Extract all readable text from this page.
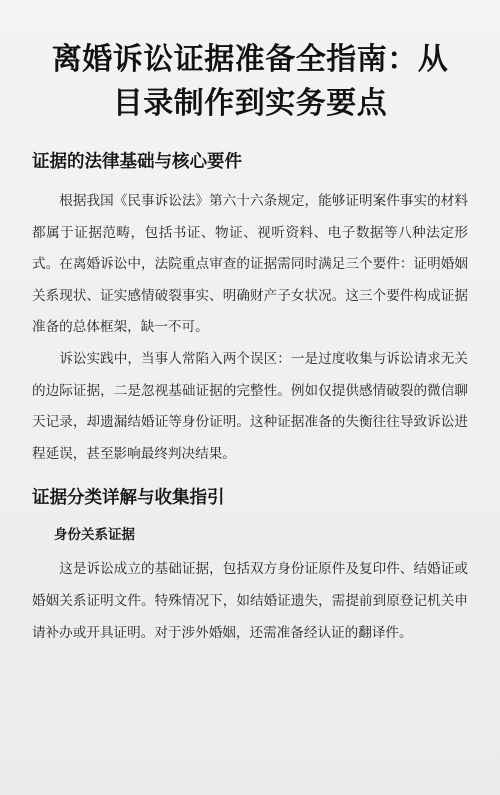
离婚诉讼证据准备全指南：从
目录制作到实务要点
证据的法律基础与核心要件

根据我国《民事诉讼法》第六十六条规定，能够证明案件事实的材料都属于证据范畴，包括书证、物证、视听资料、电子数据等八种法定形式。在离婚诉讼中，法院重点审查的证据需同时满足三个要件：证明婚姻关系现状、证实感情破裂事实、明确财产子女状况。这三个要件构成证据准备的总体框架，缺一不可。

诉讼实践中，当事人常陷入两个误区：一是过度收集与诉讼请求无关的边际证据，二是忽视基础证据的完整性。例如仅提供感情破裂的微信聊天记录，却遗漏结婚证等身份证明。这种证据准备的失衡往往导致诉讼进程延误，甚至影响最终判决结果。

证据分类详解与收集指引
身份关系证据

这是诉讼成立的基础证据，包括双方身份证原件及复印件、结婚证或婚姻关系证明文件。特殊情况下，如结婚证遗失，需提前到原登记机关申请补办或开具证明。对于涉外婚姻，还需准备经认证的翻译件。
